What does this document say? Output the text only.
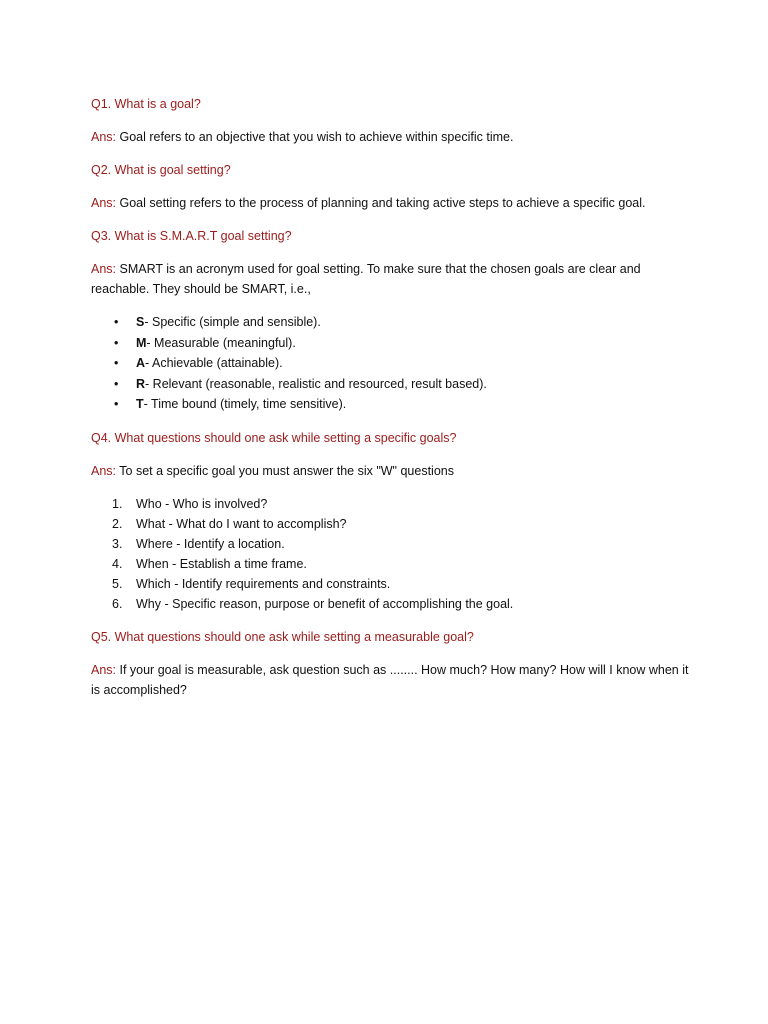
Q1. What is a goal?

Ans: Goal refers to an objective that you wish to achieve within specific time.

Q2. What is goal setting?

Ans: Goal setting refers to the process of planning and taking active steps to achieve a specific goal.

Q3. What is S.M.A.R.T goal setting?

Ans: SMART is an acronym used for goal setting. To make sure that the chosen goals are clear and reachable. They should be SMART, i.e.,

• S- Specific (simple and sensible).
• M- Measurable (meaningful).
• A- Achievable (attainable).
• R- Relevant (reasonable, realistic and resourced, result based).
• T- Time bound (timely, time sensitive).

Q4. What questions should one ask while setting a specific goals?

Ans: To set a specific goal you must answer the six "W" questions

1. Who - Who is involved?
2. What - What do I want to accomplish?
3. Where - Identify a location.
4. When - Establish a time frame.
5. Which - Identify requirements and constraints.
6. Why - Specific reason, purpose or benefit of accomplishing the goal.

Q5. What questions should one ask while setting a measurable goal?

Ans: If your goal is measurable, ask question such as ........ How much? How many? How will I know when it is accomplished?
